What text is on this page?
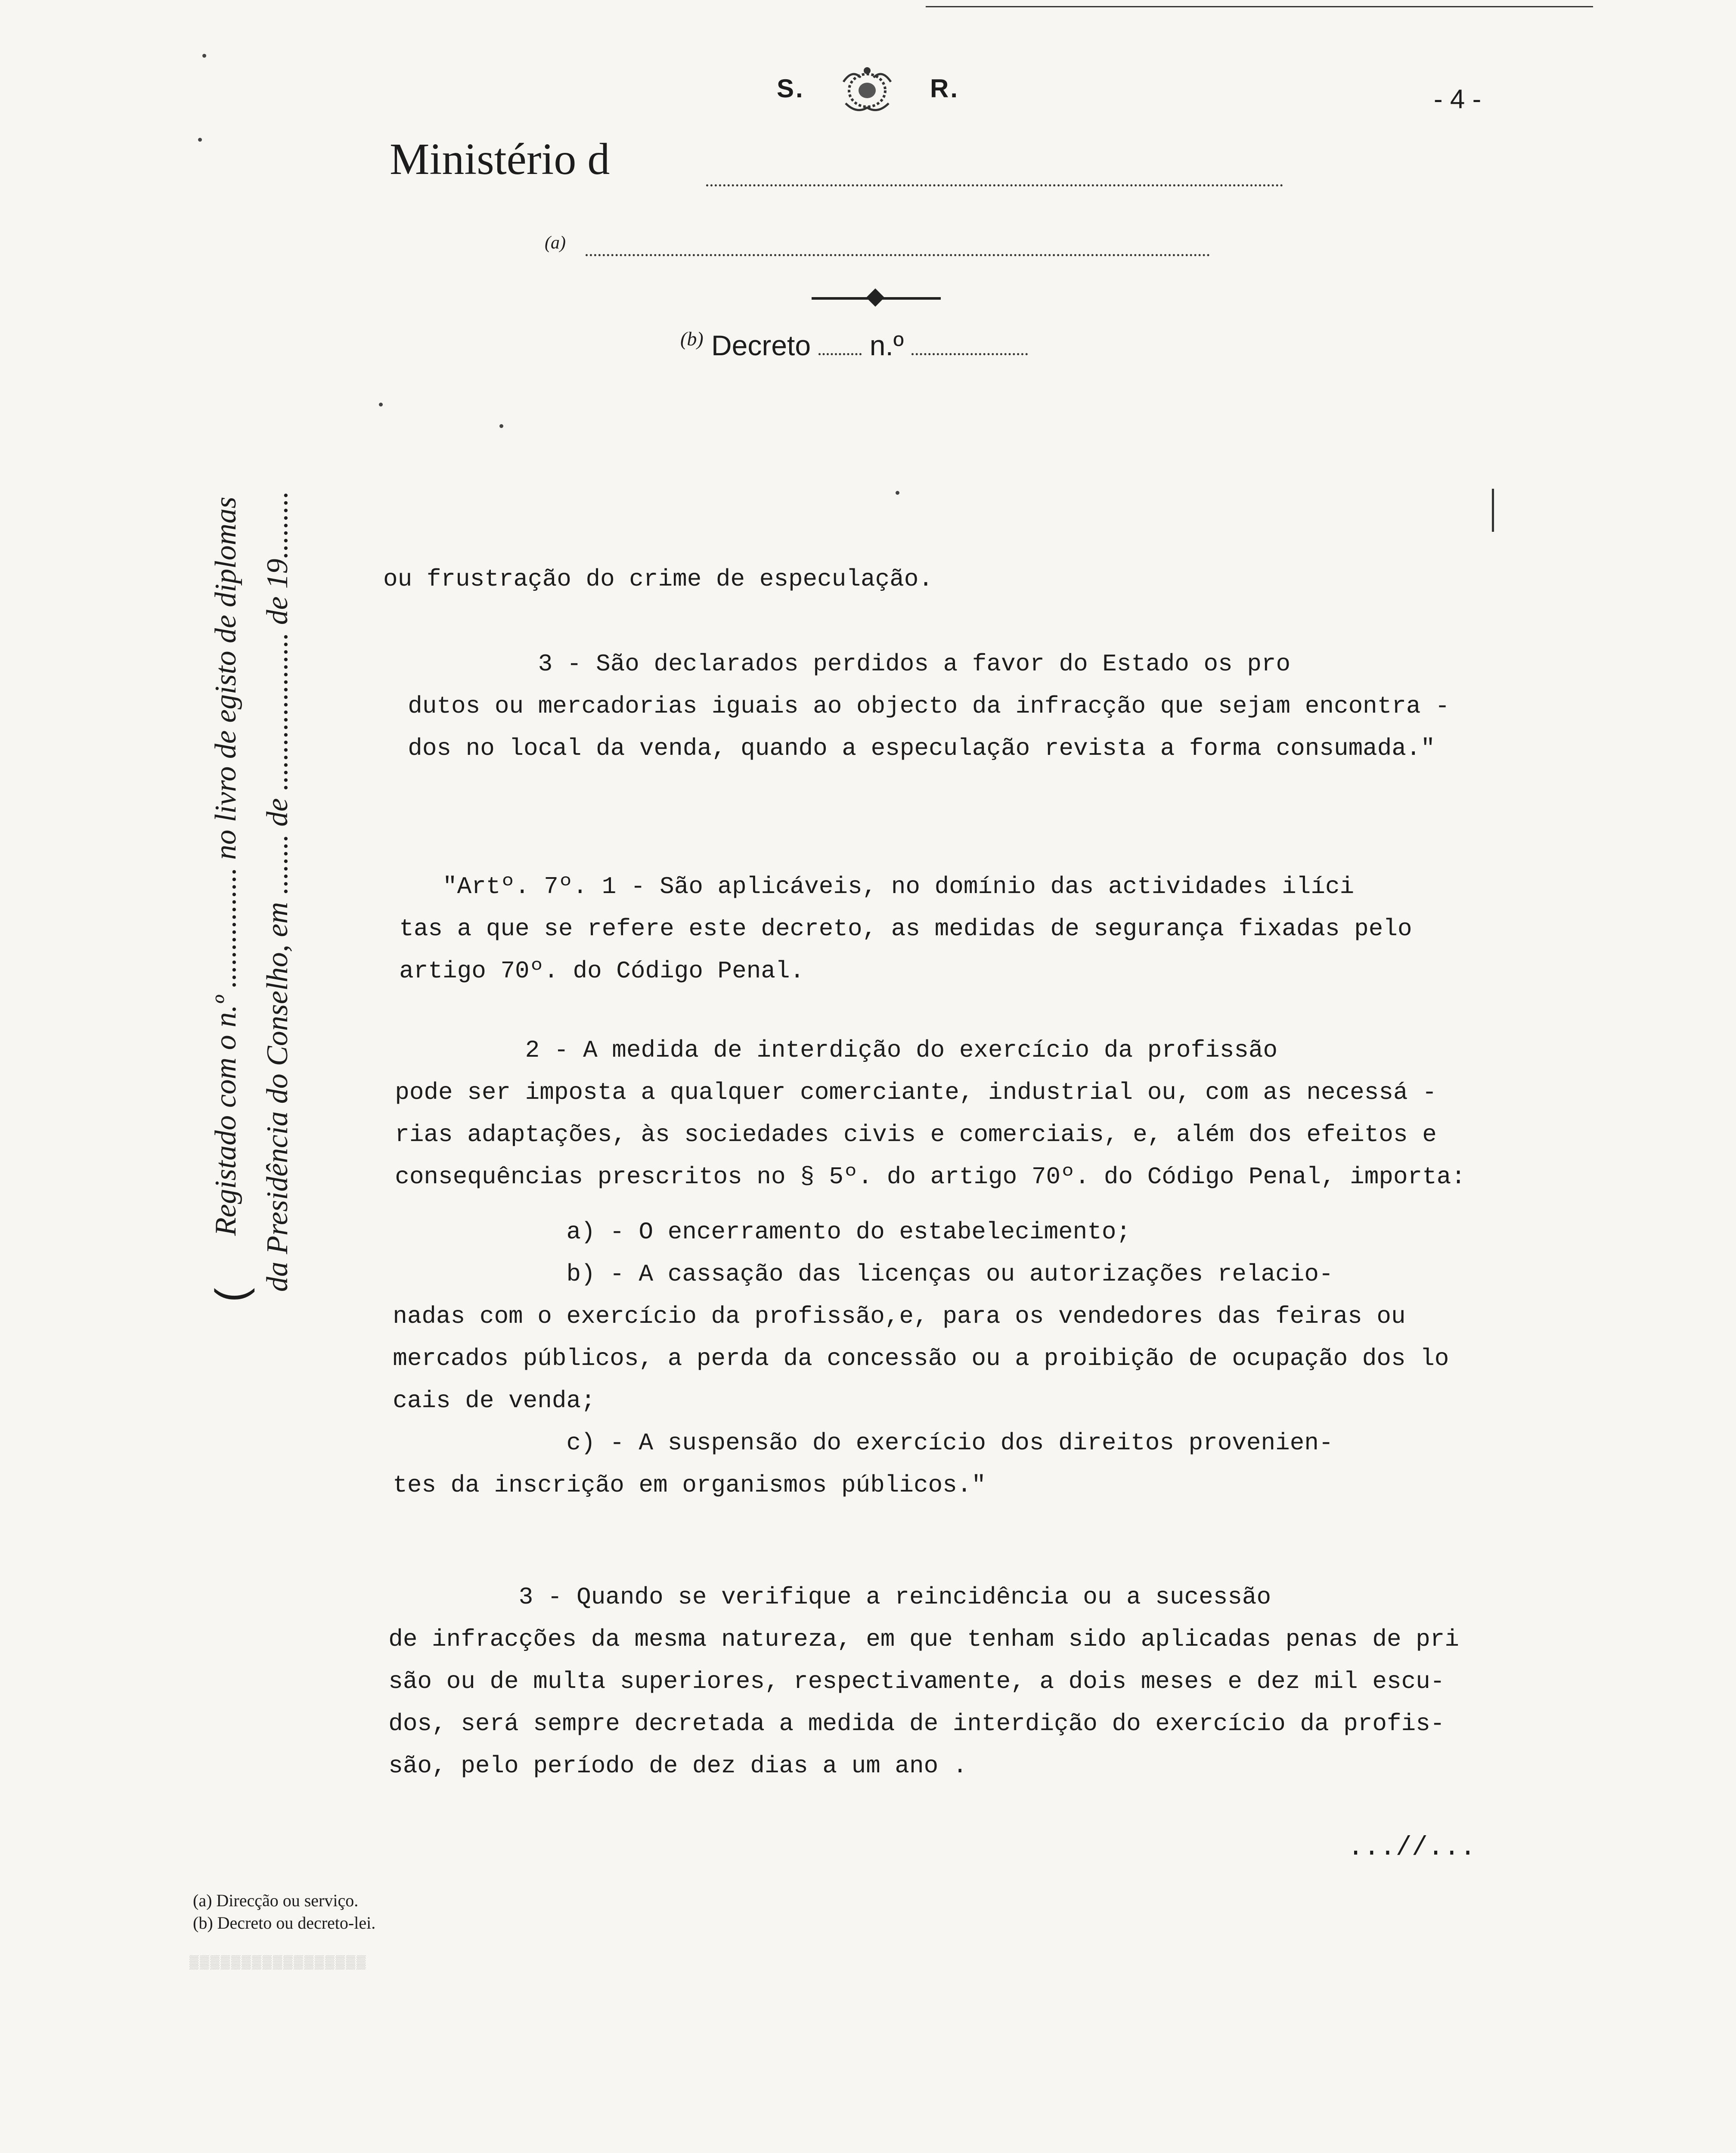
S.	R.	- 4 -
Ministério d
(a)
$^{(b)}$ Decreto n.º
(
Registado com o n.º ................ no livro de egisto de diplomas da Presidência do Conselho, em ........ de ..................... de 19.........	ou frustração do crime de especulação.
3 - São declarados perdidos a favor do Estado os pro
dutos ou mercadorias iguais ao objecto da infracção que sejam encontra -
dos no local da venda, quando a especulação revista a forma consumada."
"Artº. 7º. 1 - São aplicáveis, no domínio das actividades ilíci
tas a que se refere este decreto, as medidas de segurança fixadas pelo
artigo 70º. do Código Penal.
2 - A medida de interdição do exercício da profissão
pode ser imposta a qualquer comerciante, industrial ou, com as necessá -
rias adaptações, às sociedades civis e comerciais, e, além dos efeitos e
consequências prescritos no § 5º. do artigo 70º. do Código Penal, importa:
a) - O encerramento do estabelecimento;
b) - A cassação das licenças ou autorizações relacio-
nadas com o exercício da profissão,e, para os vendedores das feiras ou
mercados públicos, a perda da concessão ou a proibição de ocupação dos lo
cais de venda;
c) - A suspensão do exercício dos direitos provenien-
tes da inscrição em organismos públicos."
3 - Quando se verifique a reincidência ou a sucessão
de infracções da mesma natureza, em que tenham sido aplicadas penas de pri
são ou de multa superiores, respectivamente, a dois meses e dez mil escu-
dos, será sempre decretada a medida de interdição do exercício da profis-
são, pelo período de dez dias a um ano .
...//...
(a) Direcção ou serviço.
(b) Decreto ou decreto-lei.
▒▒▒▒▒▒▒▒▒▒▒▒▒▒▒▒▒
